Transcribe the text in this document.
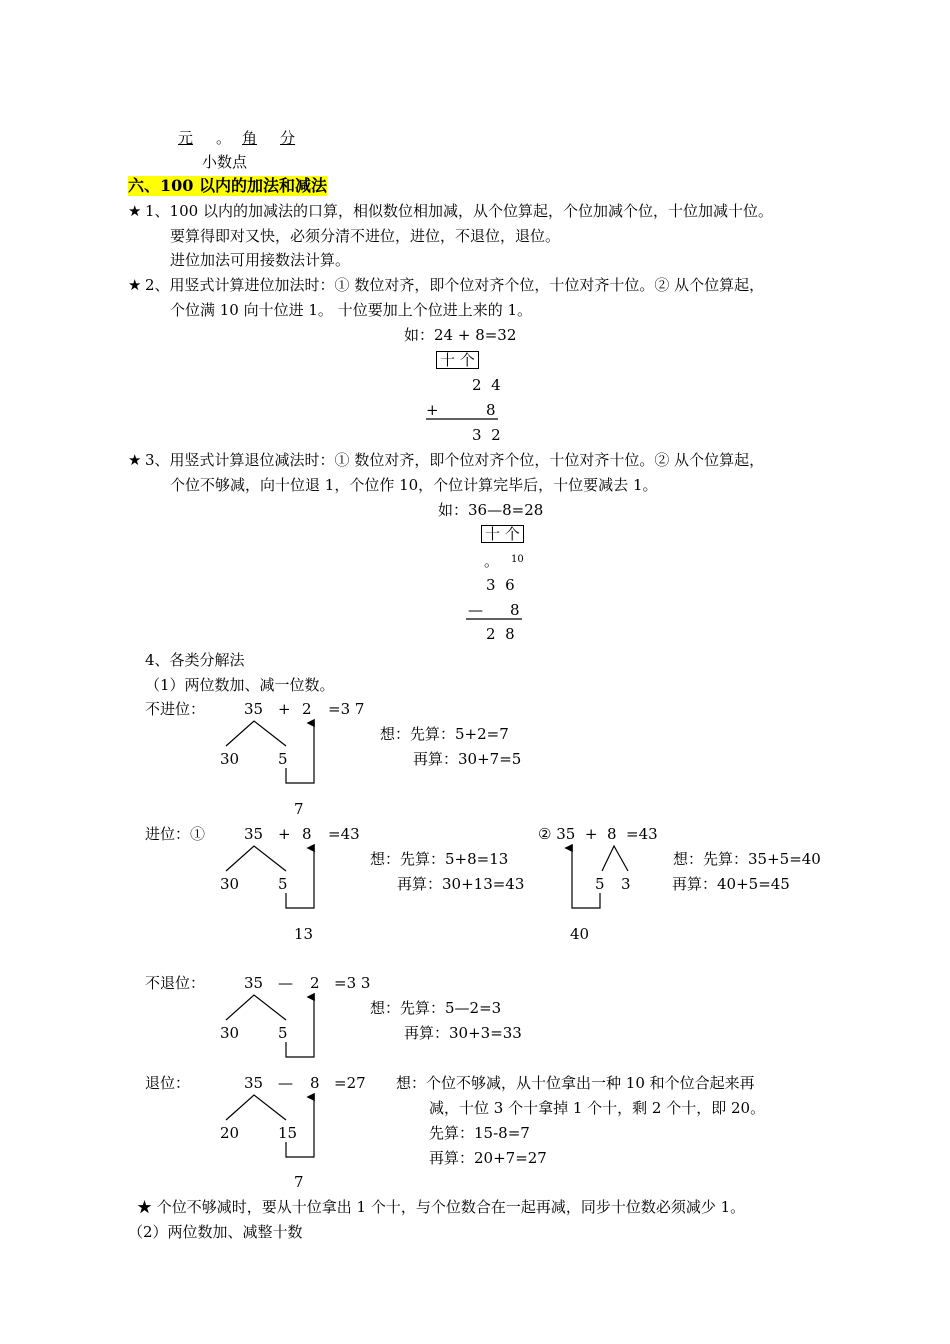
元 。 角 分
小数点
六、100 以内的加法和减法
★ 1、100 以内的加减法的口算，相似数位相加减，从个位算起，个位加减个位，十位加减十位。
要算得即对又快，必须分清不进位，进位，不退位，退位。
进位加法可用接数法计算。
★ 2、用竖式计算进位加法时：① 数位对齐，即个位对齐个位，十位对齐十位。② 从个位算起，
个位满 10 向十位进 1。 十位要加上个位进上来的 1。
如：24 + 8=32
十 个
2  4
+	8
3  2
★ 3、用竖式计算退位减法时：① 数位对齐，即个位对齐个位，十位对齐十位。② 从个位算起，
个位不够减，向十位退 1，个位作 10，个位计算完毕后，十位要减去 1。
如：36—8=28
十 个
。 10
3  6
— 8
2  8
4、各类分解法
（1）两位数加、减一位数。
不进位：	35 + 2 =3 7
30	5
7
想：先算：5+2=7
再算：30+7=5
进位：①	35 + 8 =43
30	5
13
想：先算：5+8=13
再算：30+13=43
② 35  +  8  =43
5 3
40
想：先算：35+5=40
再算：40+5=45
不退位：	35 — 2 =3 3
30	5
想：先算：5—2=3
再算：30+3=33
退位：	35 — 8 =27
20	15
7
想：个位不够减，从十位拿出一种 10 和个位合起来再
减，十位 3 个十拿掉 1 个十，剩 2 个十，即 20。
先算：15-8=7
再算：20+7=27
★ 个位不够减时，要从十位拿出 1 个十，与个位数合在一起再减，同步十位数必须减少 1。
（2）两位数加、减整十数
